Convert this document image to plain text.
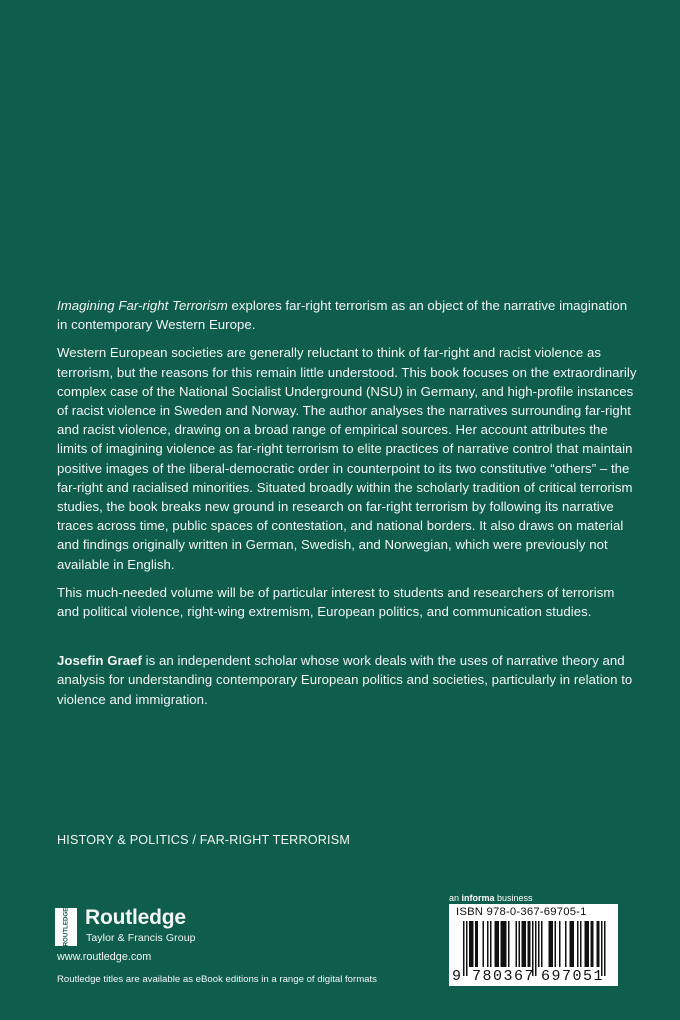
Imagining Far-right Terrorism explores far-right terrorism as an object of the narrative imagination in contemporary Western Europe.

Western European societies are generally reluctant to think of far-right and racist violence as terrorism, but the reasons for this remain little understood. This book focuses on the extraordinarily complex case of the National Socialist Underground (NSU) in Germany, and high-profile instances of racist violence in Sweden and Norway. The author analyses the narratives surrounding far-right and racist violence, drawing on a broad range of empirical sources. Her account attributes the limits of imagining violence as far-right terrorism to elite practices of narrative control that maintain positive images of the liberal-democratic order in counterpoint to its two constitutive “others” – the far-right and racialised minorities. Situated broadly within the scholarly tradition of critical terrorism studies, the book breaks new ground in research on far-right terrorism by following its narrative traces across time, public spaces of contestation, and national borders. It also draws on material and findings originally written in German, Swedish, and Norwegian, which were previously not available in English.

This much-needed volume will be of particular interest to students and researchers of terrorism and political violence, right-wing extremism, European politics, and communication studies.

Josefin Graef is an independent scholar whose work deals with the uses of narrative theory and analysis for understanding contemporary European politics and societies, particularly in relation to violence and immigration.

HISTORY & POLITICS / FAR-RIGHT TERRORISM
ROUTLEDGE Routledge
Taylor & Francis Group
www.routledge.com
Routledge titles are available as eBook editions in a range of digital formats
an informa business
ISBN 978-0-367-69705-1
9 780367 697051
